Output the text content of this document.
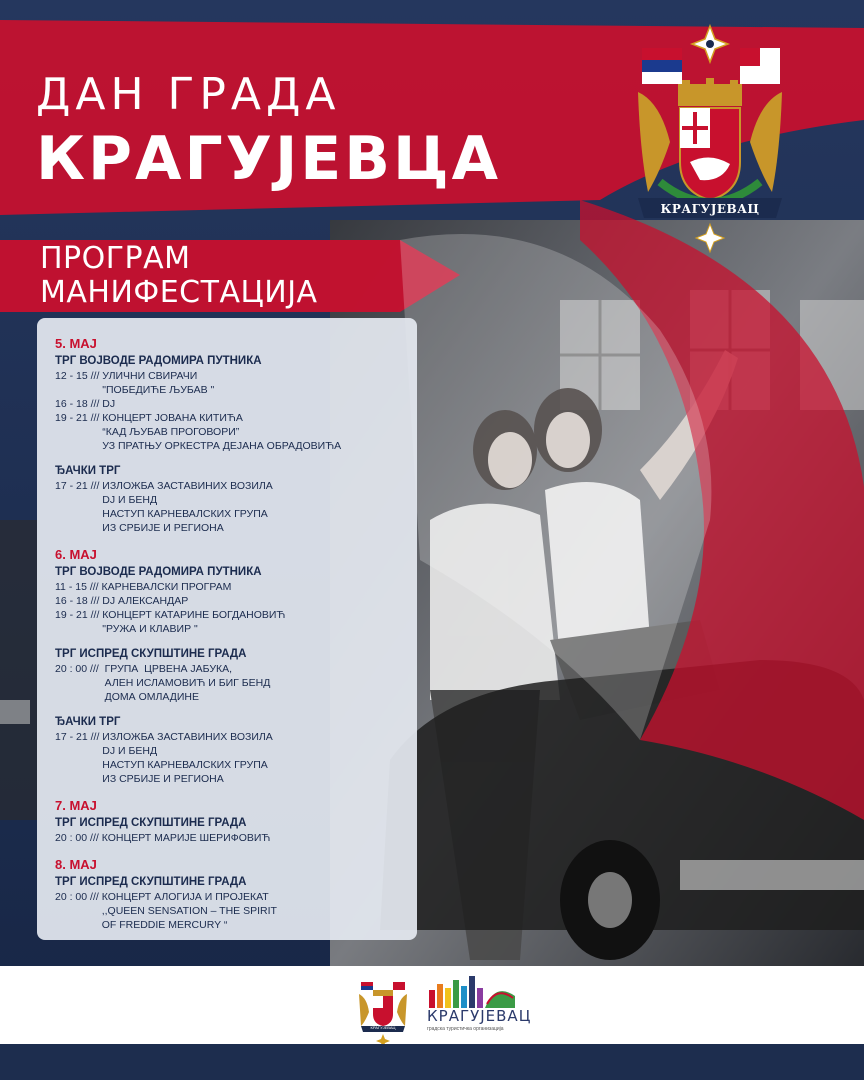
ДАН ГРАДА
КРАГУЈЕВЦА
ПРОГРАМ
МАНИФЕСТАЦИЈА
КРАГУЈЕВАЦ
5. МАЈ
ТРГ ВОЈВОДЕ РАДОМИРА ПУТНИКА
12 - 15 /// УЛИЧНИ СВИРАЧИ
"ПОБЕДИЋЕ ЉУБАВ "
16 - 18 /// DJ
19 - 21 /// КОНЦЕРТ ЈОВАНА КИТИЋА
“КАД ЉУБАВ ПРОГОВОРИ”
УЗ ПРАТЊУ ОРКЕСТРА ДЕЈАНА ОБРАДОВИЋА
ЂАЧКИ ТРГ
17 - 21 /// ИЗЛОЖБА ЗАСТАВИНИХ ВОЗИЛА
DJ И БЕНД
НАСТУП КАРНЕВАЛСКИХ ГРУПА
ИЗ СРБИЈЕ И РЕГИОНА
6. МАЈ
ТРГ ВОЈВОДЕ РАДОМИРА ПУТНИКА
11 - 15 /// КАРНЕВАЛСКИ ПРОГРАМ
16 - 18 /// DJ АЛЕКСАНДАР
19 - 21 /// КОНЦЕРТ КАТАРИНЕ БОГДАНОВИЋ
"РУЖА И КЛАВИР "
ТРГ ИСПРЕД СКУПШТИНЕ ГРАДА
20 : 00 /// ГРУПА  ЦРВЕНА ЈАБУКА,
АЛЕН ИСЛАМОВИЋ И БИГ БЕНД
ДОМА ОМЛАДИНЕ
ЂАЧКИ ТРГ
17 - 21 /// ИЗЛОЖБА ЗАСТАВИНИХ ВОЗИЛА
DJ И БЕНД
НАСТУП КАРНЕВАЛСКИХ ГРУПА
ИЗ СРБИЈЕ И РЕГИОНА
7. МАЈ
ТРГ ИСПРЕД СКУПШТИНЕ ГРАДА
20 : 00 /// КОНЦЕРТ МАРИЈЕ ШЕРИФОВИЋ
8. МАЈ
ТРГ ИСПРЕД СКУПШТИНЕ ГРАДА
20 : 00 /// КОНЦЕРТ АЛОГИЈА И ПРОЈЕКАТ
,,QUEEN SENSATION – THE SPIRIT
OF FREDDIE MERCURY “
КРАГУЈЕВАЦ
КРАГУЈЕВАЦ
градска туристичка организација
